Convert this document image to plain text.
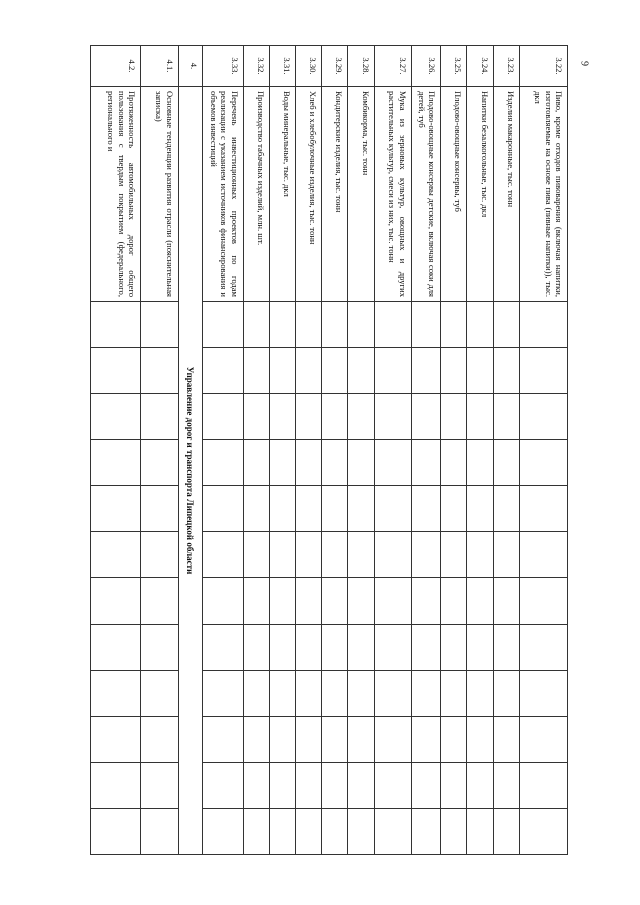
9
3.22.	Пиво, кроме отходов пивоварения (включая напитки, изготовляемые на основе пива (пивные напитки)), тыс. дкл												
3.23.	Изделия макаронные, тыс. тонн												
3.24.	Напитки безалкогольные, тыс. дкл												
3.25.	Плодово-овощные консервы, туб												
3.26.	Плодово-овощные консервы детские, включая соки для детей, туб												
3.27.	Мука из зерновых культур, овощных и других растительных культур, смеси из них, тыс. тонн												
3.28.	Комбикорма, тыс. тонн												
3.29.	Кондитерские изделия, тыс. тонн												
3.30.	Хлеб и хлебобулочные изделия, тыс. тонн												
3.31.	Воды минеральные, тыс. дкл												
3.32.	Производство табачных изделий, млн. шт.												
3.33.	Перечень инвестиционных проектов по годам реализации с указанием источников финансирования и объемов инвестиций												
4.	Управление дорог и транспорта Липецкой области												
4.1.	Основные тенденции развития отрасли (пояснительная записка)												
4.2.	Протяженность автомобильных дорог общего пользования с твердым покрытием (федерального, регионального и												
